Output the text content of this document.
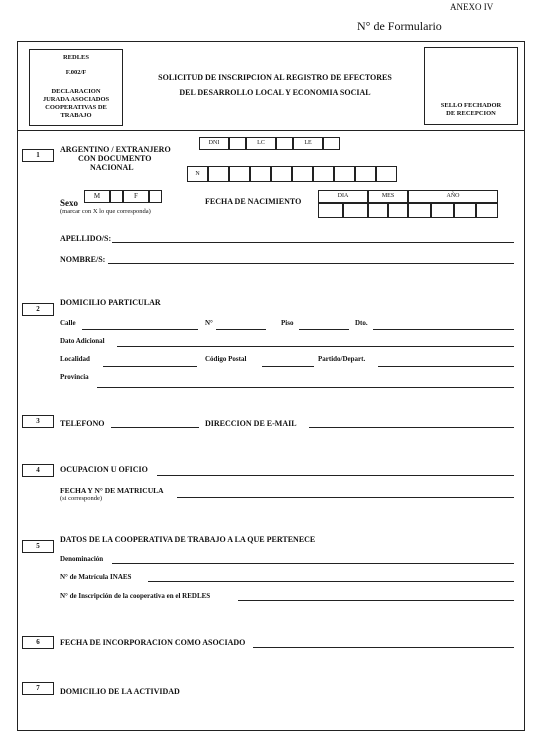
ANEXO IV
N° de Formulario
REDLES
F.002/F
DECLARACION
JURADA ASOCIADOS
COOPERATIVAS DE
TRABAJO
SOLICITUD DE INSCRIPCION AL REGISTRO DE EFECTORES
DEL DESARROLLO LOCAL Y ECONOMIA SOCIAL
SELLO FECHADOR
DE RECEPCION
1
ARGENTINO / EXTRANJERO
CON DOCUMENTO
NACIONAL
DNI	LC	LE
N
Sexo
M	F
(marcar con X lo que corresponda)
FECHA DE NACIMIENTO
DIA	MES	AÑO
APELLIDO/S:
NOMBRE/S:
2
DOMICILIO PARTICULAR
Calle	N°	Piso	Dto.
Dato Adicional
Localidad	Código Postal	Partido/Depart.
Provincia
3	TELEFONO	DIRECCION DE E-MAIL
4	OCUPACION U OFICIO
FECHA Y N° DE MATRICULA
(si corresponde)
5
DATOS DE LA COOPERATIVA DE TRABAJO A LA QUE PERTENECE
Denominación
N° de Matrícula INAES
N° de Inscripción de la cooperativa en el REDLES
6	FECHA DE INCORPORACION COMO ASOCIADO
7	DOMICILIO DE LA ACTIVIDAD
